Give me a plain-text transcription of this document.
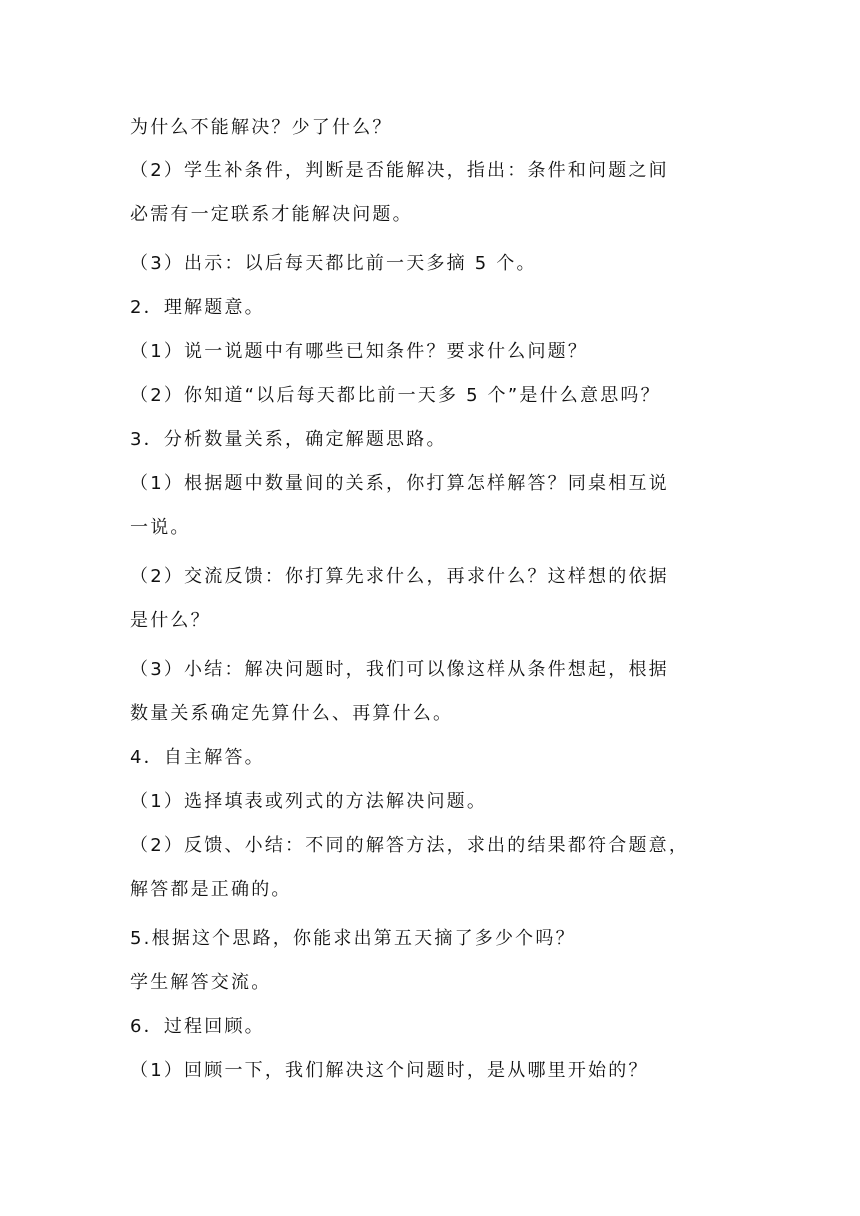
为什么不能解决？少了什么？
（2）学生补条件，判断是否能解决，指出：条件和问题之间
必需有一定联系才能解决问题。
（3）出示：以后每天都比前一天多摘 5 个。
2．理解题意。
（1）说一说题中有哪些已知条件？要求什么问题？
（2）你知道“以后每天都比前一天多 5 个”是什么意思吗？
3．分析数量关系，确定解题思路。
（1）根据题中数量间的关系，你打算怎样解答？同桌相互说
一说。
（2）交流反馈：你打算先求什么，再求什么？这样想的依据
是什么？
（3）小结：解决问题时，我们可以像这样从条件想起，根据
数量关系确定先算什么、再算什么。
4．自主解答。
（1）选择填表或列式的方法解决问题。
（2）反馈、小结：不同的解答方法，求出的结果都符合题意，
解答都是正确的。
5.根据这个思路，你能求出第五天摘了多少个吗？
学生解答交流。
6．过程回顾。
（1）回顾一下，我们解决这个问题时，是从哪里开始的？
